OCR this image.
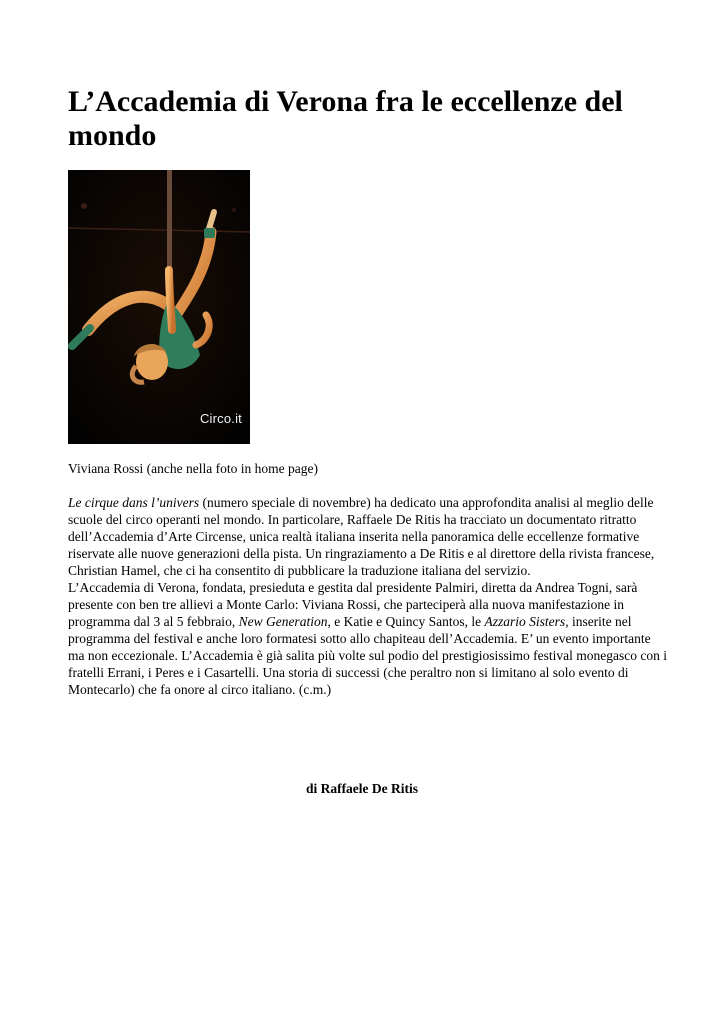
L’Accademia di Verona fra le eccellenze del mondo
Circo.it
Viviana Rossi (anche nella foto in home page)

Le cirque dans l’univers (numero speciale di novembre) ha dedicato una approfondita analisi al meglio delle scuole del circo operanti nel mondo. In particolare, Raffaele De Ritis ha tracciato un documentato ritratto dell’Accademia d’Arte Circense, unica realtà italiana inserita nella panoramica delle eccellenze formative riservate alle nuove generazioni della pista. Un ringraziamento a De Ritis e al direttore della rivista francese, Christian Hamel, che ci ha consentito di pubblicare la traduzione italiana del servizio.

L’Accademia di Verona, fondata, presieduta e gestita dal presidente Palmiri, diretta da Andrea Togni, sarà presente con ben tre allievi a Monte Carlo: Viviana Rossi, che parteciperà alla nuova manifestazione in programma dal 3 al 5 febbraio, New Generation, e Katie e Quincy Santos, le Azzario Sisters, inserite nel programma del festival e anche loro formatesi sotto allo chapiteau dell’Accademia. E’ un evento importante ma non eccezionale. L’Accademia è già salita più volte sul podio del prestigiosissimo festival monegasco con i fratelli Errani, i Peres e i Casartelli. Una storia di successi (che peraltro non si limitano al solo evento di Montecarlo) che fa onore al circo italiano. (c.m.)

di Raffaele De Ritis
